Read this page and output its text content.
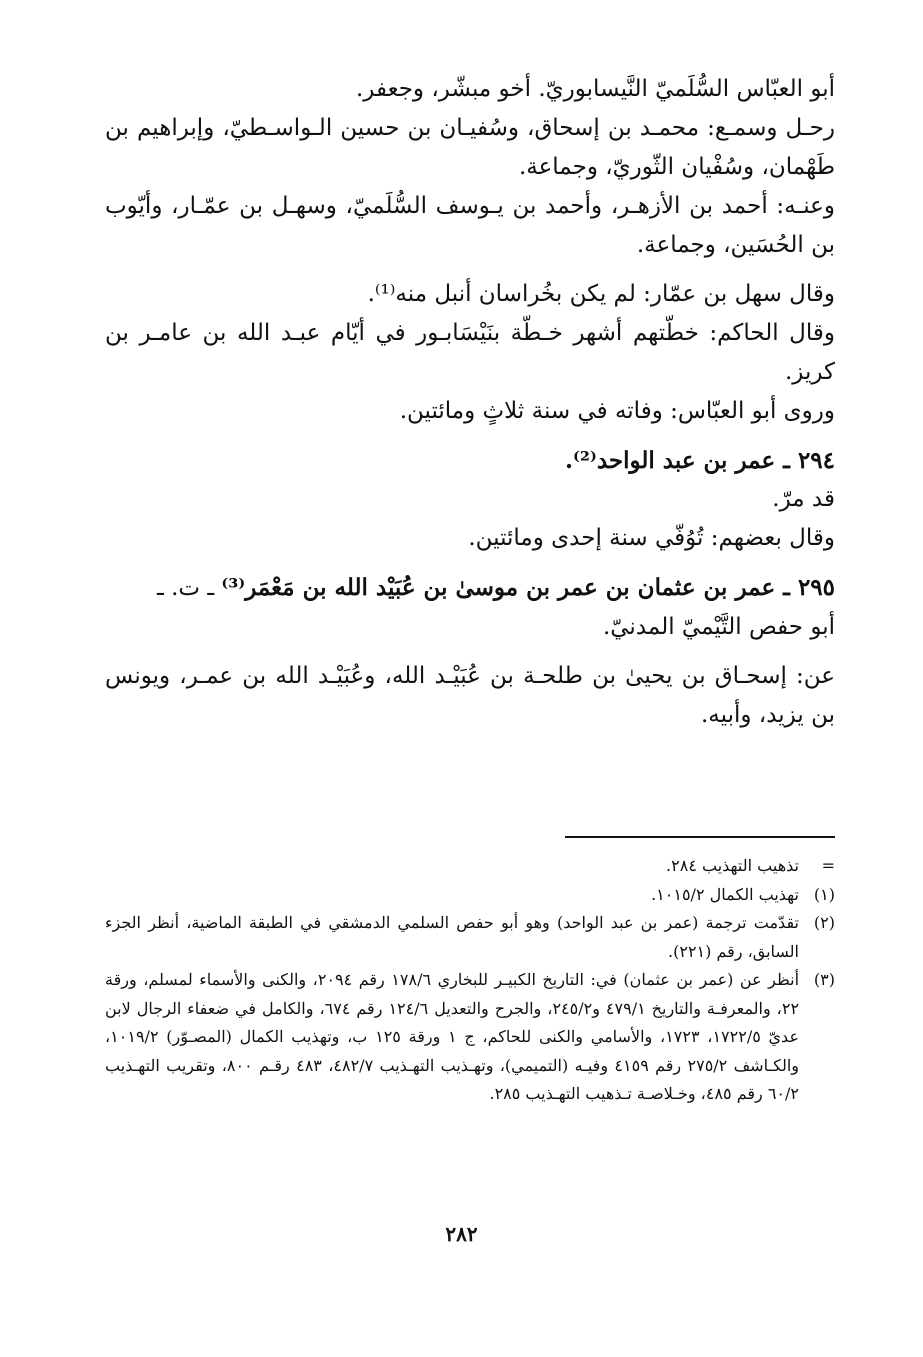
أبو العبّاس السُّلَميّ النَّيسابوريّ. أخو مبشّر، وجعفر.

رحـل وسمـع: محمـد بن إسحاق، وسُفيـان بن حسين الـواسـطيّ، وإبراهيم بن طَهْمان، وسُفْيان الثّوريّ، وجماعة.

وعنـه: أحمد بن الأزهـر، وأحمد بن يـوسف السُّلَميّ، وسهـل بن عمّـار، وأيّوب بن الحُسَين، وجماعة.

وقال سهل بن عمّار: لم يكن بخُراسان أنبل منه⁽¹⁾.

وقال الحاكم: خطّتهم أشهر خـطّة بنَيْسَابـور في أيّام عبـد الله بن عامـر بن كريز.

وروى أبو العبّاس: وفاته في سنة ثلاثٍ ومائتين.

٢٩٤ ـ عمر بن عبد الواحد⁽²⁾.

قد مرّ.

وقال بعضهم: تُوُفّي سنة إحدى ومائتين.

٢٩٥ ـ عمر بن عثمان بن عمر بن موسىٰ بن عُبَيْد الله بن مَعْمَر⁽³⁾ ـ ت. ـ

أبو حفص التَّيْميّ المدنيّ.

عن: إسحـاق بن يحيىٰ بن طلحـة بن عُبَيْـد الله، وعُبَيْـد الله بن عمـر، ويونس بن يزيد، وأبيه.

=
تذهيب التهذيب ٢٨٤.
(١)
تهذيب الكمال ١٠١٥/٢.
(٢)
تقدّمت ترجمة (عمر بن عبد الواحد) وهو أبو حفص السلمي الدمشقي في الطبقة الماضية، أنظر الجزء السابق، رقم (٢٢١).
(٣)
أنظر عن (عمر بن عثمان) في: التاريخ الكبيـر للبخاري ١٧٨/٦ رقم ٢٠٩٤، والكنى والأسماء لمسلم، ورقة ٢٢، والمعرفـة والتاريخ ٤٧٩/١ و٢٤٥/٢، والجرح والتعديل ١٢٤/٦ رقم ٦٧٤، والكامل في ضعفاء الرجال لابن عديّ ١٧٢٢/٥، ١٧٢٣، والأسامي والكنى للحاكم، ج ١ ورقة ١٢٥ ب، وتهذيب الكمال (المصـوّر) ١٠١٩/٢، والكـاشف ٢٧٥/٢ رقم ٤١٥٩ وفيـه (التميمي)، وتهـذيب التهـذيب ٤٨٢/٧، ٤٨٣ رقـم ٨٠٠، وتقريب التهـذيب ٦٠/٢ رقم ٤٨٥، وخـلاصـة تـذهيب التهـذيب ٢٨٥.
٢٨٢
